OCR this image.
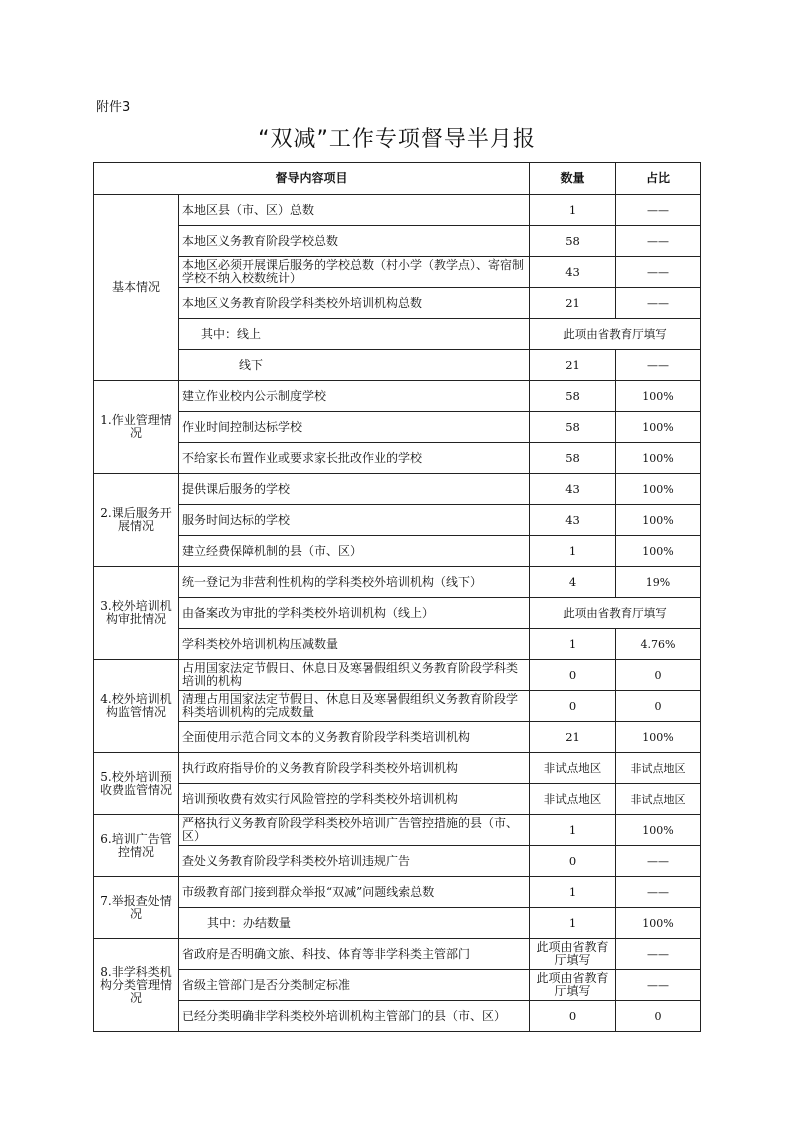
附件3
“双减”工作专项督导半月报
督导内容项目		数量	占比
基本情况	本地区县（市、区）总数	1	——
	本地区义务教育阶段学校总数	58	——
	本地区必须开展课后服务的学校总数（村小学（教学点）、寄宿制学校不纳入校数统计）	43	——
	本地区义务教育阶段学科类校外培训机构总数	21	——
	其中：线上	此项由省教育厅填写	
	线下	21	——
1.作业管理情况	建立作业校内公示制度学校	58	100%
	作业时间控制达标学校	58	100%
	不给家长布置作业或要求家长批改作业的学校	58	100%
2.课后服务开展情况	提供课后服务的学校	43	100%
	服务时间达标的学校	43	100%
	建立经费保障机制的县（市、区）	1	100%
3.校外培训机构审批情况	统一登记为非营利性机构的学科类校外培训机构（线下）	4	19%
	由备案改为审批的学科类校外培训机构（线上）	此项由省教育厅填写	
	学科类校外培训机构压减数量	1	4.76%
4.校外培训机构监管情况	占用国家法定节假日、休息日及寒暑假组织义务教育阶段学科类培训的机构	0	0
	清理占用国家法定节假日、休息日及寒暑假组织义务教育阶段学科类培训机构的完成数量	0	0
	全面使用示范合同文本的义务教育阶段学科类培训机构	21	100%
5.校外培训预收费监管情况	执行政府指导价的义务教育阶段学科类校外培训机构	非试点地区	非试点地区
	培训预收费有效实行风险管控的学科类校外培训机构	非试点地区	非试点地区
6.培训广告管控情况	严格执行义务教育阶段学科类校外培训广告管控措施的县（市、区）	1	100%
	查处义务教育阶段学科类校外培训违规广告	0	——
7.举报查处情况	市级教育部门接到群众举报“双减”问题线索总数	1	——
	其中：办结数量	1	100%
8.非学科类机构分类管理情况	省政府是否明确文旅、科技、体育等非学科类主管部门	此项由省教育厅填写	——
	省级主管部门是否分类制定标准	此项由省教育厅填写	——
	已经分类明确非学科类校外培训机构主管部门的县（市、区）	0	0
